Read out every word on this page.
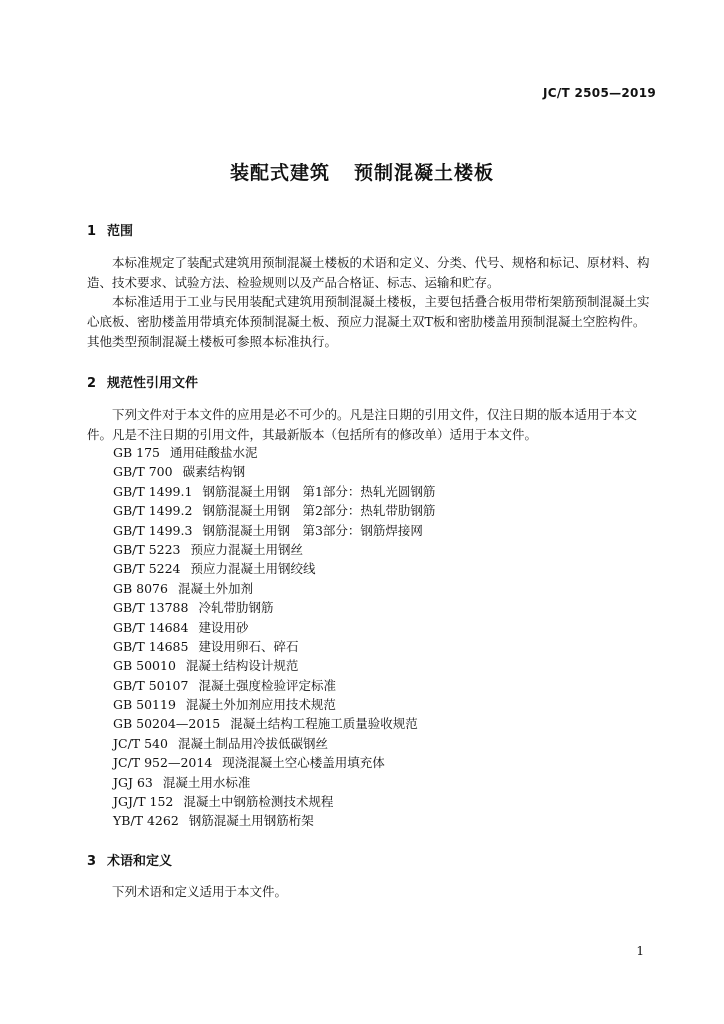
JC/T 2505—2019
装配式建筑 预制混凝土楼板
1 范围

本标准规定了装配式建筑用预制混凝土楼板的术语和定义、分类、代号、规格和标记、原材料、构造、技术要求、试验方法、检验规则以及产品合格证、标志、运输和贮存。

本标准适用于工业与民用装配式建筑用预制混凝土楼板，主要包括叠合板用带桁架筋预制混凝土实心底板、密肋楼盖用带填充体预制混凝土板、预应力混凝土双T板和密肋楼盖用预制混凝土空腔构件。其他类型预制混凝土楼板可参照本标准执行。

2 规范性引用文件

下列文件对于本文件的应用是必不可少的。凡是注日期的引用文件，仅注日期的版本适用于本文件。凡是不注日期的引用文件，其最新版本（包括所有的修改单）适用于本文件。

GB 175 通用硅酸盐水泥
GB/T 700 碳素结构钢
GB/T 1499.1 钢筋混凝土用钢　第1部分：热轧光圆钢筋
GB/T 1499.2 钢筋混凝土用钢　第2部分：热轧带肋钢筋
GB/T 1499.3 钢筋混凝土用钢　第3部分：钢筋焊接网
GB/T 5223 预应力混凝土用钢丝
GB/T 5224 预应力混凝土用钢绞线
GB 8076 混凝土外加剂
GB/T 13788 冷轧带肋钢筋
GB/T 14684 建设用砂
GB/T 14685 建设用卵石、碎石
GB 50010 混凝土结构设计规范
GB/T 50107 混凝土强度检验评定标准
GB 50119 混凝土外加剂应用技术规范
GB 50204—2015 混凝土结构工程施工质量验收规范
JC/T 540 混凝土制品用冷拔低碳钢丝
JC/T 952—2014 现浇混凝土空心楼盖用填充体
JGJ 63 混凝土用水标准
JGJ/T 152 混凝土中钢筋检测技术规程
YB/T 4262 钢筋混凝土用钢筋桁架
3 术语和定义

下列术语和定义适用于本文件。

1
